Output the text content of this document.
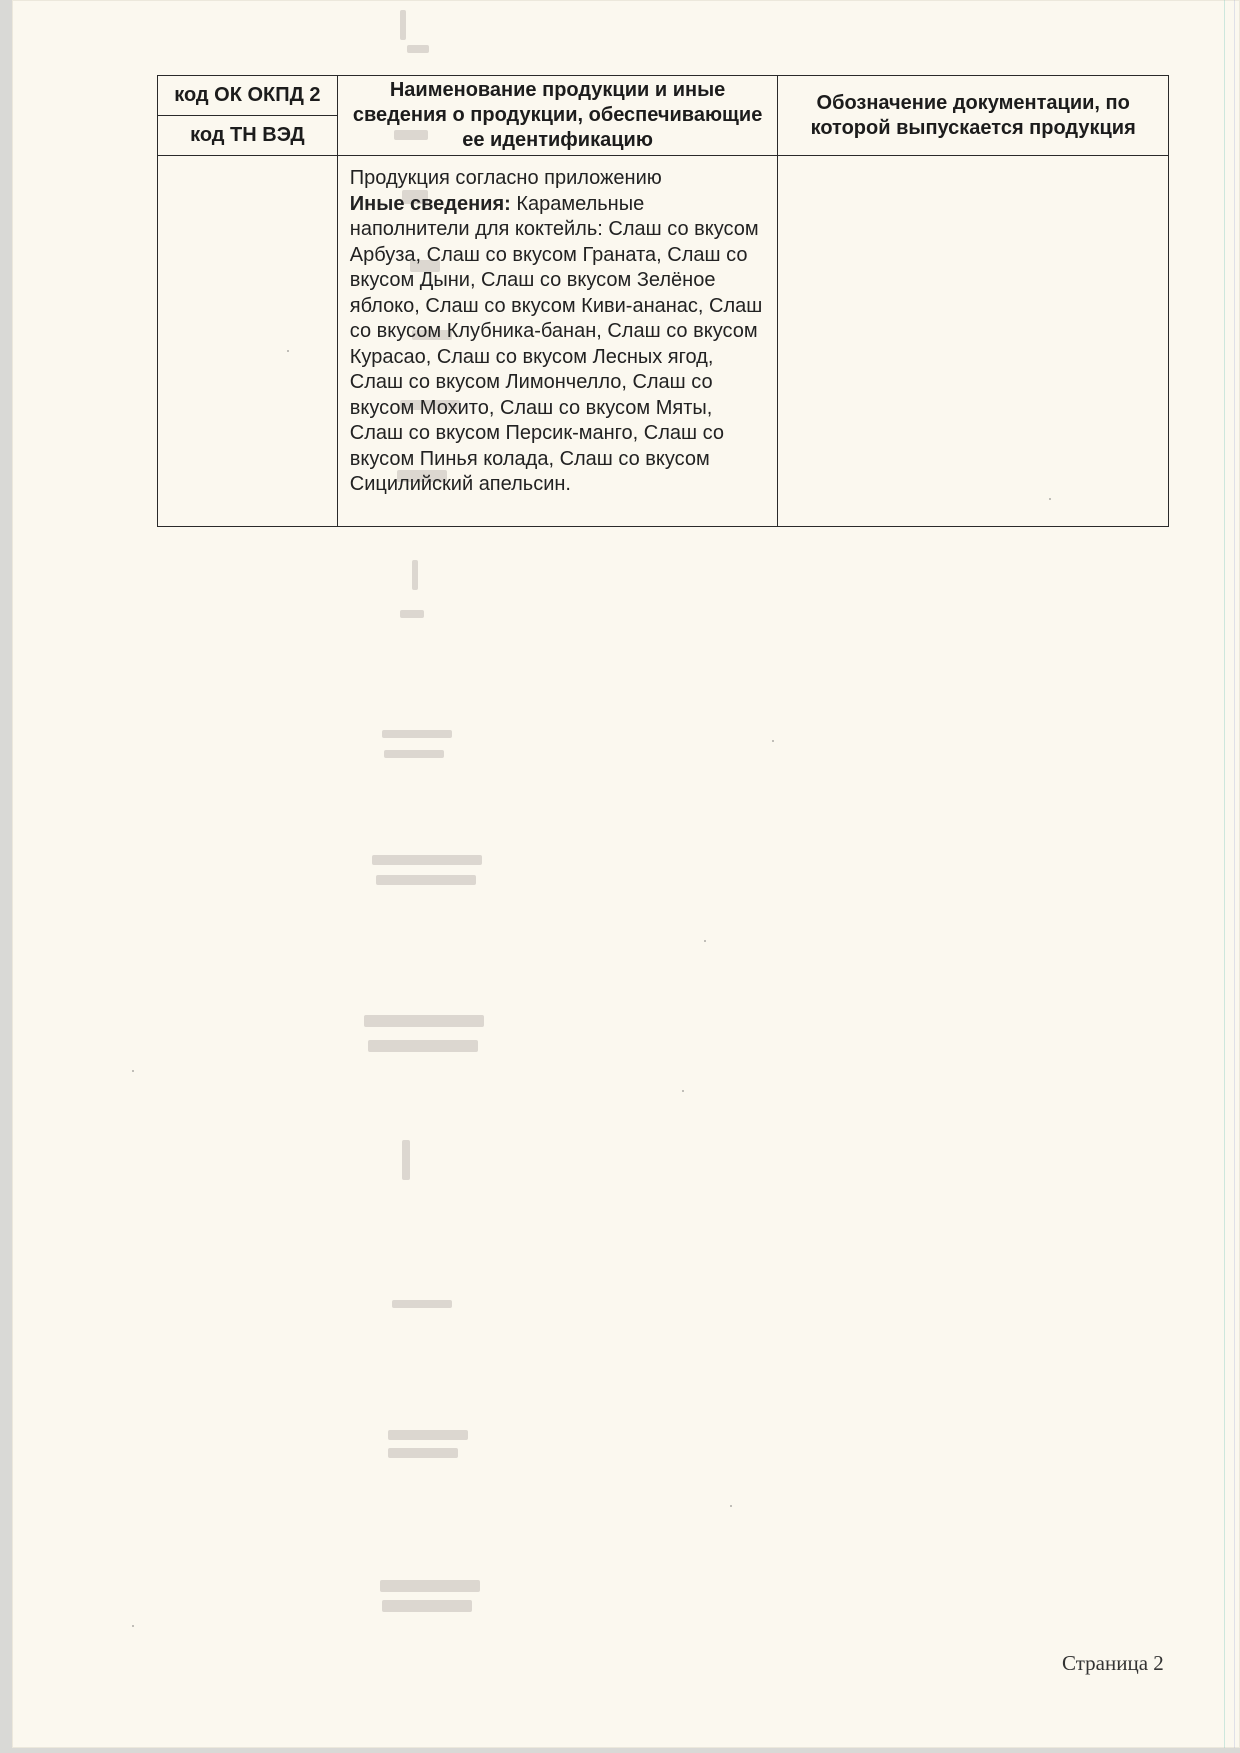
код ОК ОКПД 2	Наименование продукции и иные сведения о продукции, обеспечивающие ее идентификацию	Обозначение документации, по которой выпускается продукция
код ТН ВЭД		

	Продукция согласно приложению
Иные сведения: Карамельные наполнители для коктейль: Слаш со вкусом Арбуза, Слаш со вкусом Граната, Слаш со вкусом Дыни, Слаш со вкусом Зелёное яблоко, Слаш со вкусом Киви-ананас, Слаш со вкусом Клубника-банан, Слаш со вкусом Курасао, Слаш со вкусом Лесных ягод, Слаш со вкусом Лимончелло, Слаш со вкусом Мохито, Слаш со вкусом Мяты, Слаш со вкусом Персик-манго, Слаш со вкусом Пинья колада, Слаш со вкусом Сицилийский апельсин.	

Страница 2
